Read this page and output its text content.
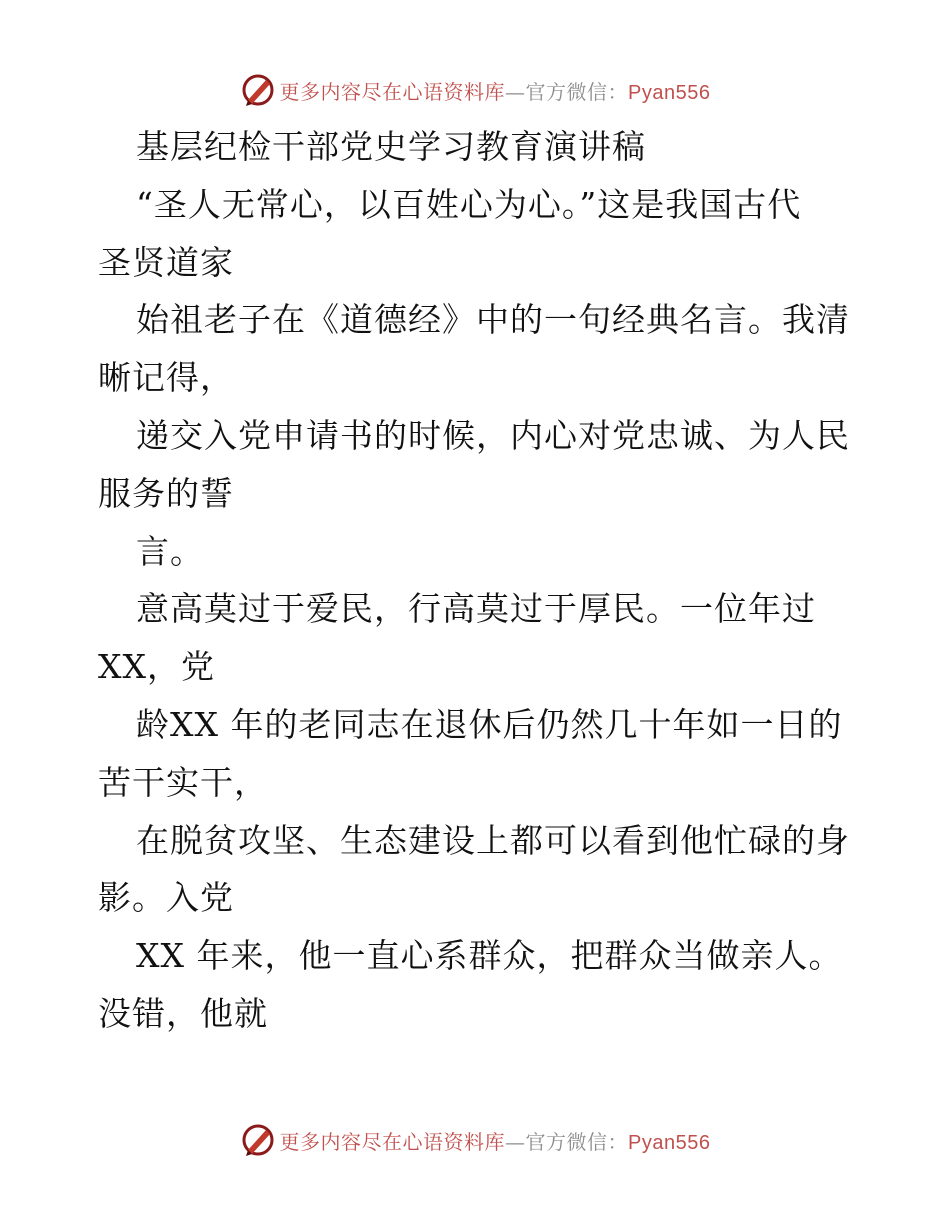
更多内容尽在心语资料库—官方微信：Pyan556
基层纪检干部党史学习教育演讲稿
“圣人无常心，以百姓心为心。”这是我国古代
圣贤道家
始祖老子在《道德经》中的一句经典名言。我清
晰记得，
递交入党申请书的时候，内心对党忠诚、为人民
服务的誓
言。
意高莫过于爱民，行高莫过于厚民。一位年过
XX，党
龄XX 年的老同志在退休后仍然几十年如一日的
苦干实干，
在脱贫攻坚、生态建设上都可以看到他忙碌的身
影。入党
XX 年来，他一直心系群众，把群众当做亲人。
没错，他就
更多内容尽在心语资料库—官方微信：Pyan556
